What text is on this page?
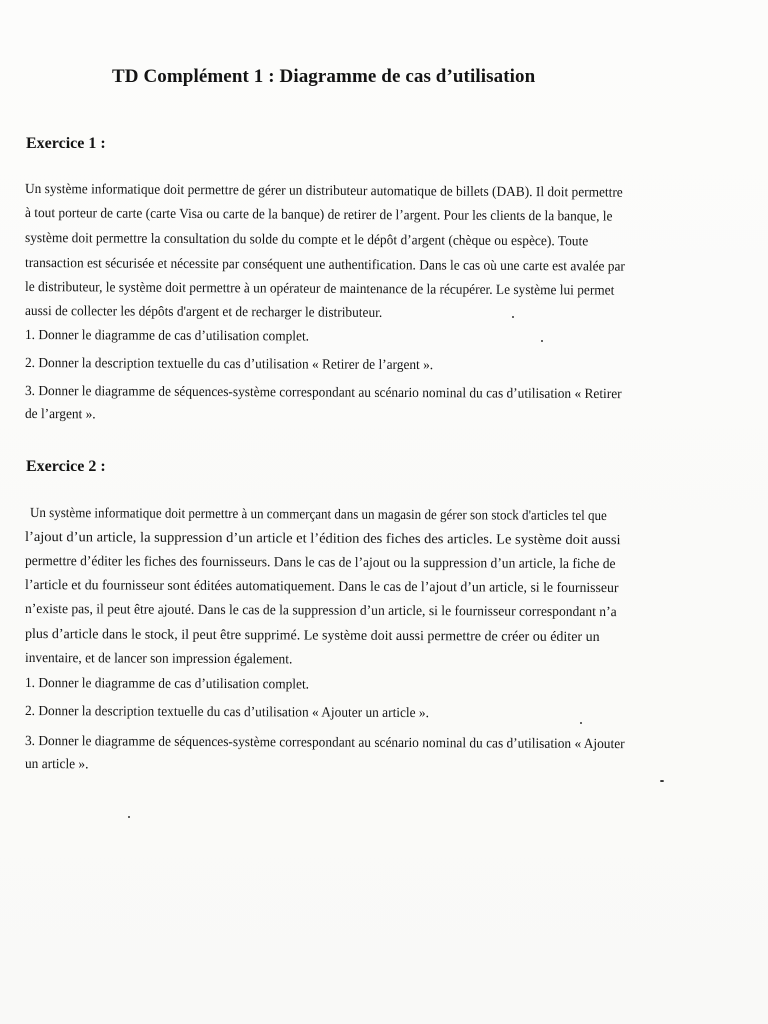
TD Complément 1 : Diagramme de cas d’utilisation
Exercice 1 :
Un système informatique doit permettre de gérer un distributeur automatique de billets (DAB). Il doit permettre
à tout porteur de carte (carte Visa ou carte de la banque) de retirer de l’argent. Pour les clients de la banque, le
système doit permettre la consultation du solde du compte et le dépôt d’argent (chèque ou espèce). Toute
transaction est sécurisée et nécessite par conséquent une authentification. Dans le cas où une carte est avalée par
le distributeur, le système doit permettre à un opérateur de maintenance de la récupérer. Le système lui permet
aussi de collecter les dépôts d'argent et de recharger le distributeur.
1. Donner le diagramme de cas d’utilisation complet.
2. Donner la description textuelle du cas d’utilisation « Retirer de l’argent ».
3. Donner le diagramme de séquences-système correspondant au scénario nominal du cas d’utilisation « Retirer
de l’argent ».
Exercice 2 :
Un système informatique doit permettre à un commerçant dans un magasin de gérer son stock d'articles tel que
l’ajout d’un article, la suppression d’un article et l’édition des fiches des articles. Le système doit aussi
permettre d’éditer les fiches des fournisseurs. Dans le cas de l’ajout ou la suppression d’un article, la fiche de
l’article et du fournisseur sont éditées automatiquement. Dans le cas de l’ajout d’un article, si le fournisseur
n’existe pas, il peut être ajouté. Dans le cas de la suppression d’un article, si le fournisseur correspondant n’a
plus d’article dans le stock, il peut être supprimé. Le système doit aussi permettre de créer ou éditer un
inventaire, et de lancer son impression également.
1. Donner le diagramme de cas d’utilisation complet.
2. Donner la description textuelle du cas d’utilisation « Ajouter un article ».
3. Donner le diagramme de séquences-système correspondant au scénario nominal du cas d’utilisation « Ajouter
un article ».
